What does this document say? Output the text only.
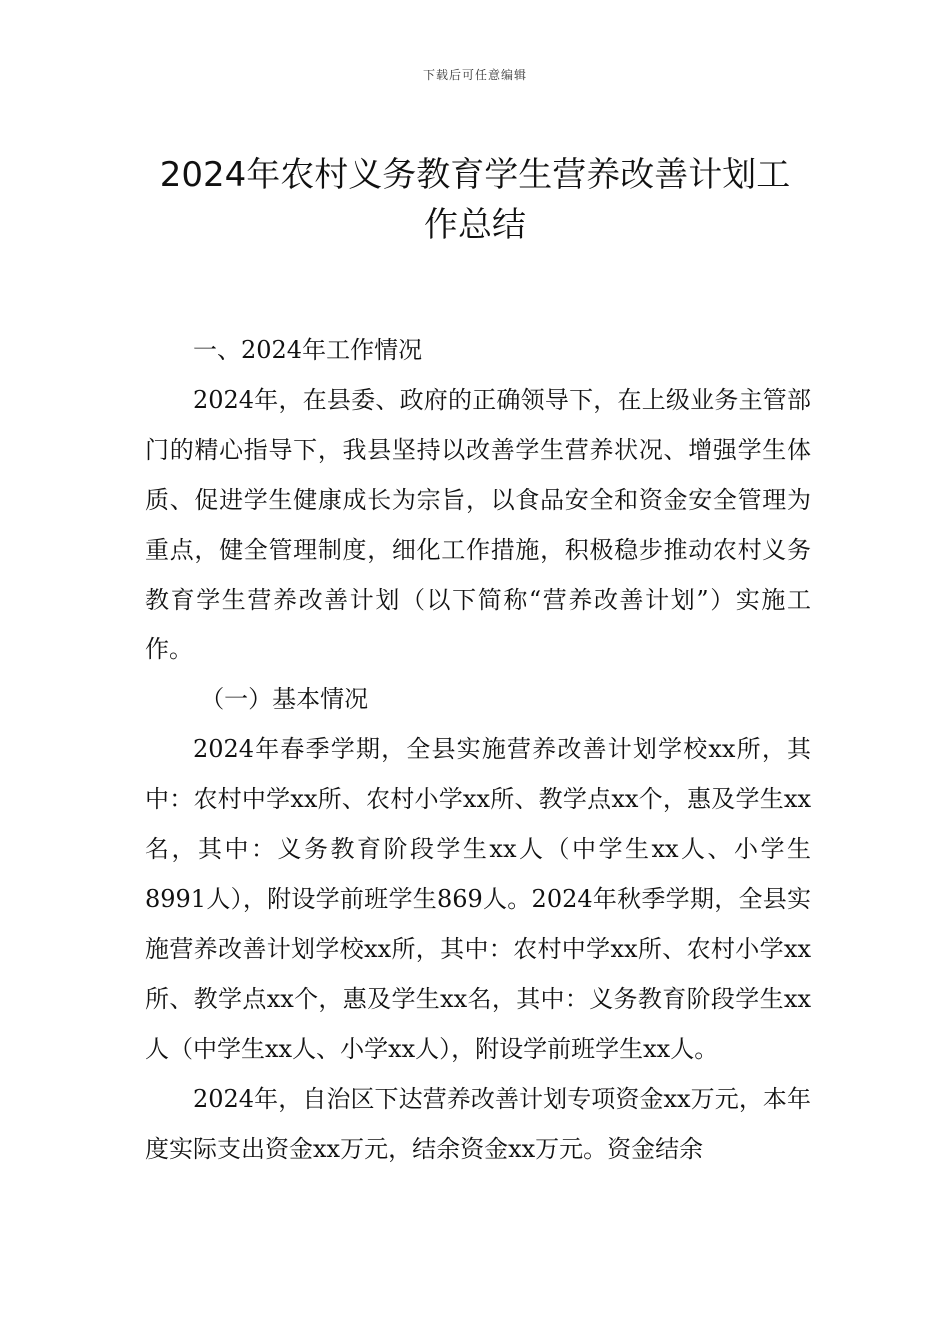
下载后可任意编辑
2024年农村义务教育学生营养改善计划工
作总结

一、2024年工作情况

2024年，在县委、政府的正确领导下，在上级业务主管部门的精心指导下，我县坚持以改善学生营养状况、增强学生体质、促进学生健康成长为宗旨，以食品安全和资金安全管理为重点，健全管理制度，细化工作措施，积极稳步推动农村义务教育学生营养改善计划（以下简称“营养改善计划”）实施工作。

（一）基本情况

2024年春季学期，全县实施营养改善计划学校xx所，其中：农村中学xx所、农村小学xx所、教学点xx个，惠及学生xx名，其中：义务教育阶段学生xx人（中学生xx人、小学生8991人），附设学前班学生869人。2024年秋季学期，全县实施营养改善计划学校xx所，其中：农村中学xx所、农村小学xx所、教学点xx个，惠及学生xx名，其中：义务教育阶段学生xx人（中学生xx人、小学xx人），附设学前班学生xx人。

2024年，自治区下达营养改善计划专项资金xx万元，本年度实际支出资金xx万元，结余资金xx万元。资金结余
